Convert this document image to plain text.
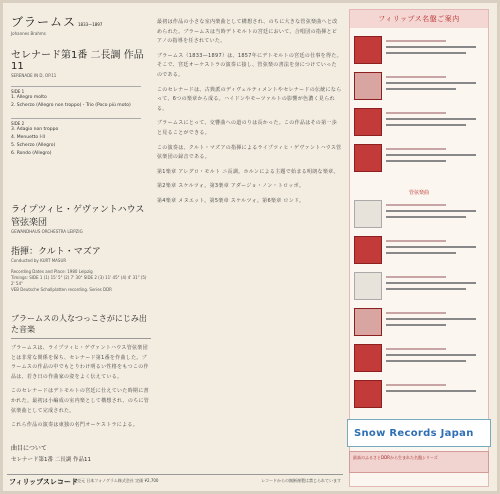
ブラームス 1833—1897
Johannes Brahms
セレナード第1番 二長調 作品11
SERENADE IN D, OP.11
SIDE 1
1. Allegro molto
2. Scherzo (Allegro non troppo) - Trio (Poco più moto)
SIDE 2
3. Adagio non troppo
4. Menuetto I·II
5. Scherzo (Allegro)
6. Rondo (Allegro)
ライプツィヒ・ゲヴァントハウス管弦楽団
GEWANDHAUS ORCHESTRA LEIPZIG
指揮：クルト・マズア
Conducted by KURT MASUR
Recording Dates and Place: 1980 Leipzig
Timings: SIDE 1 (1) 15' 5" (2) 7' 30" SIDE 2 (3) 11' 45" (4) 4' 31" (5) 2' 54"
VEB Deutsche Schallplatten recording. Series DDR
ブラームスの人なつっこさがにじみ出た音楽
ブラームスは、ライプツィヒ・ゲヴァントハウス管弦楽団とは非常な関係を保ち、セレナード第1番を作曲した。ブラームスの作品の中でもとりわけ明るい性格をもつこの作品は、若き日の作曲家の姿をよく伝えている。
このセレナードはデトモルトの宮廷に仕えていた時期に書かれた。最初は小編成の室内楽として構想され、のちに管弦楽曲として完成された。
これら作品の演奏は東独の名門オーケストラによる。
曲目について
セレナード第1番 二長調 作品11
最初は作品の小さな室内楽曲として構想され、のちに大きな管弦楽曲へと改められた。ブラームスは当時デトモルトの宮廷において、合唱団の指揮とピアノの指導を任されていた。
ブラームス（1833—1897）は、1857年にデトモルトの宮廷の仕事を得た。そこで、宮廷オーケストラの演奏に接し、管弦楽の書法を身につけていったのである。
このセレナードは、古典派のディヴェルティメントやセレナードの伝統にならって、6つの楽章から成る。ハイドンやモーツァルトの影響が色濃く見られる。
ブラームスにとって、交響曲への道のりは長かった。この作品はその第一歩と見ることができる。
この演奏は、クルト・マズアの指揮によるライプツィヒ・ゲヴァントハウス管弦楽団の録音である。
第1楽章 アレグロ・モルト ニ長調。ホルンによる主題で始まる明朗な楽章。
第2楽章 スケルツォ。第3楽章 アダージョ・ノン・トロッポ。
第4楽章 メヌエット。第5楽章 スケルツォ。第6楽章 ロンド。
フィリップスレコード
発売元 日本フォノグラム株式会社 定価 ¥2,700	レコードからの無断複製は禁じられています
フィリップス名盤ご案内
管弦楽曲
Snow Records Japan
最高のふるさとDDRから生まれた名盤シリーズ
